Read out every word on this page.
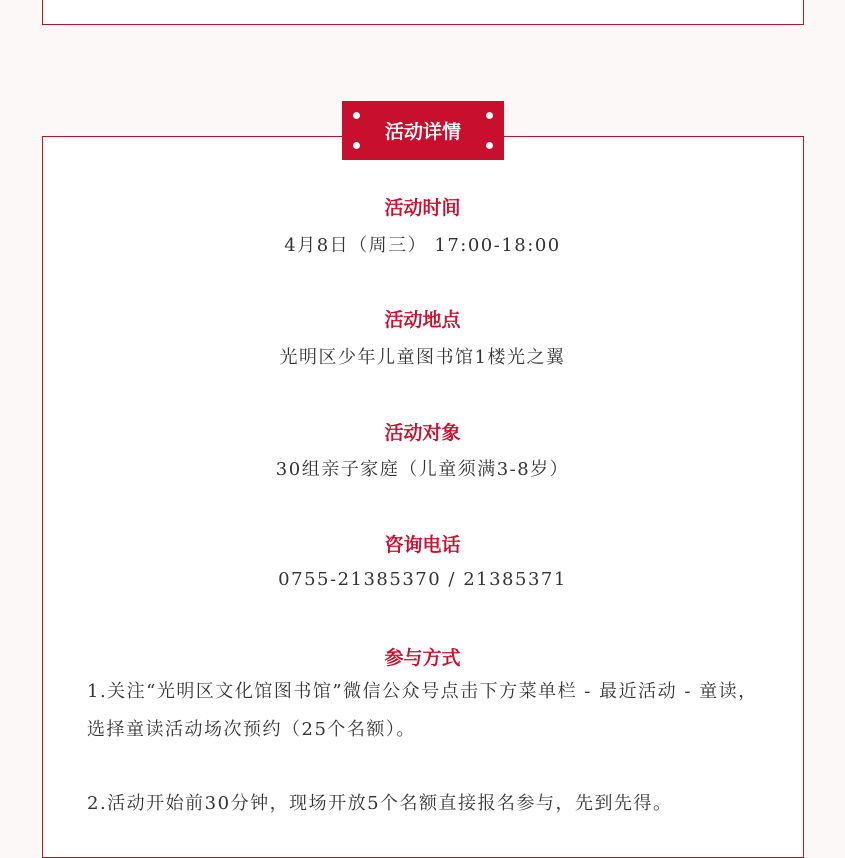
活动详情
活动时间
4月8日（周三） 17:00-18:00
活动地点
光明区少年儿童图书馆1楼光之翼
活动对象
30组亲子家庭（儿童须满3-8岁）
咨询电话
0755-21385370 / 21385371
参与方式
1.关注“光明区文化馆图书馆”微信公众号点击下方菜单栏 - 最近活动 - 童读，选择童读活动场次预约（25个名额）。
2.活动开始前30分钟，现场开放5个名额直接报名参与，先到先得。
